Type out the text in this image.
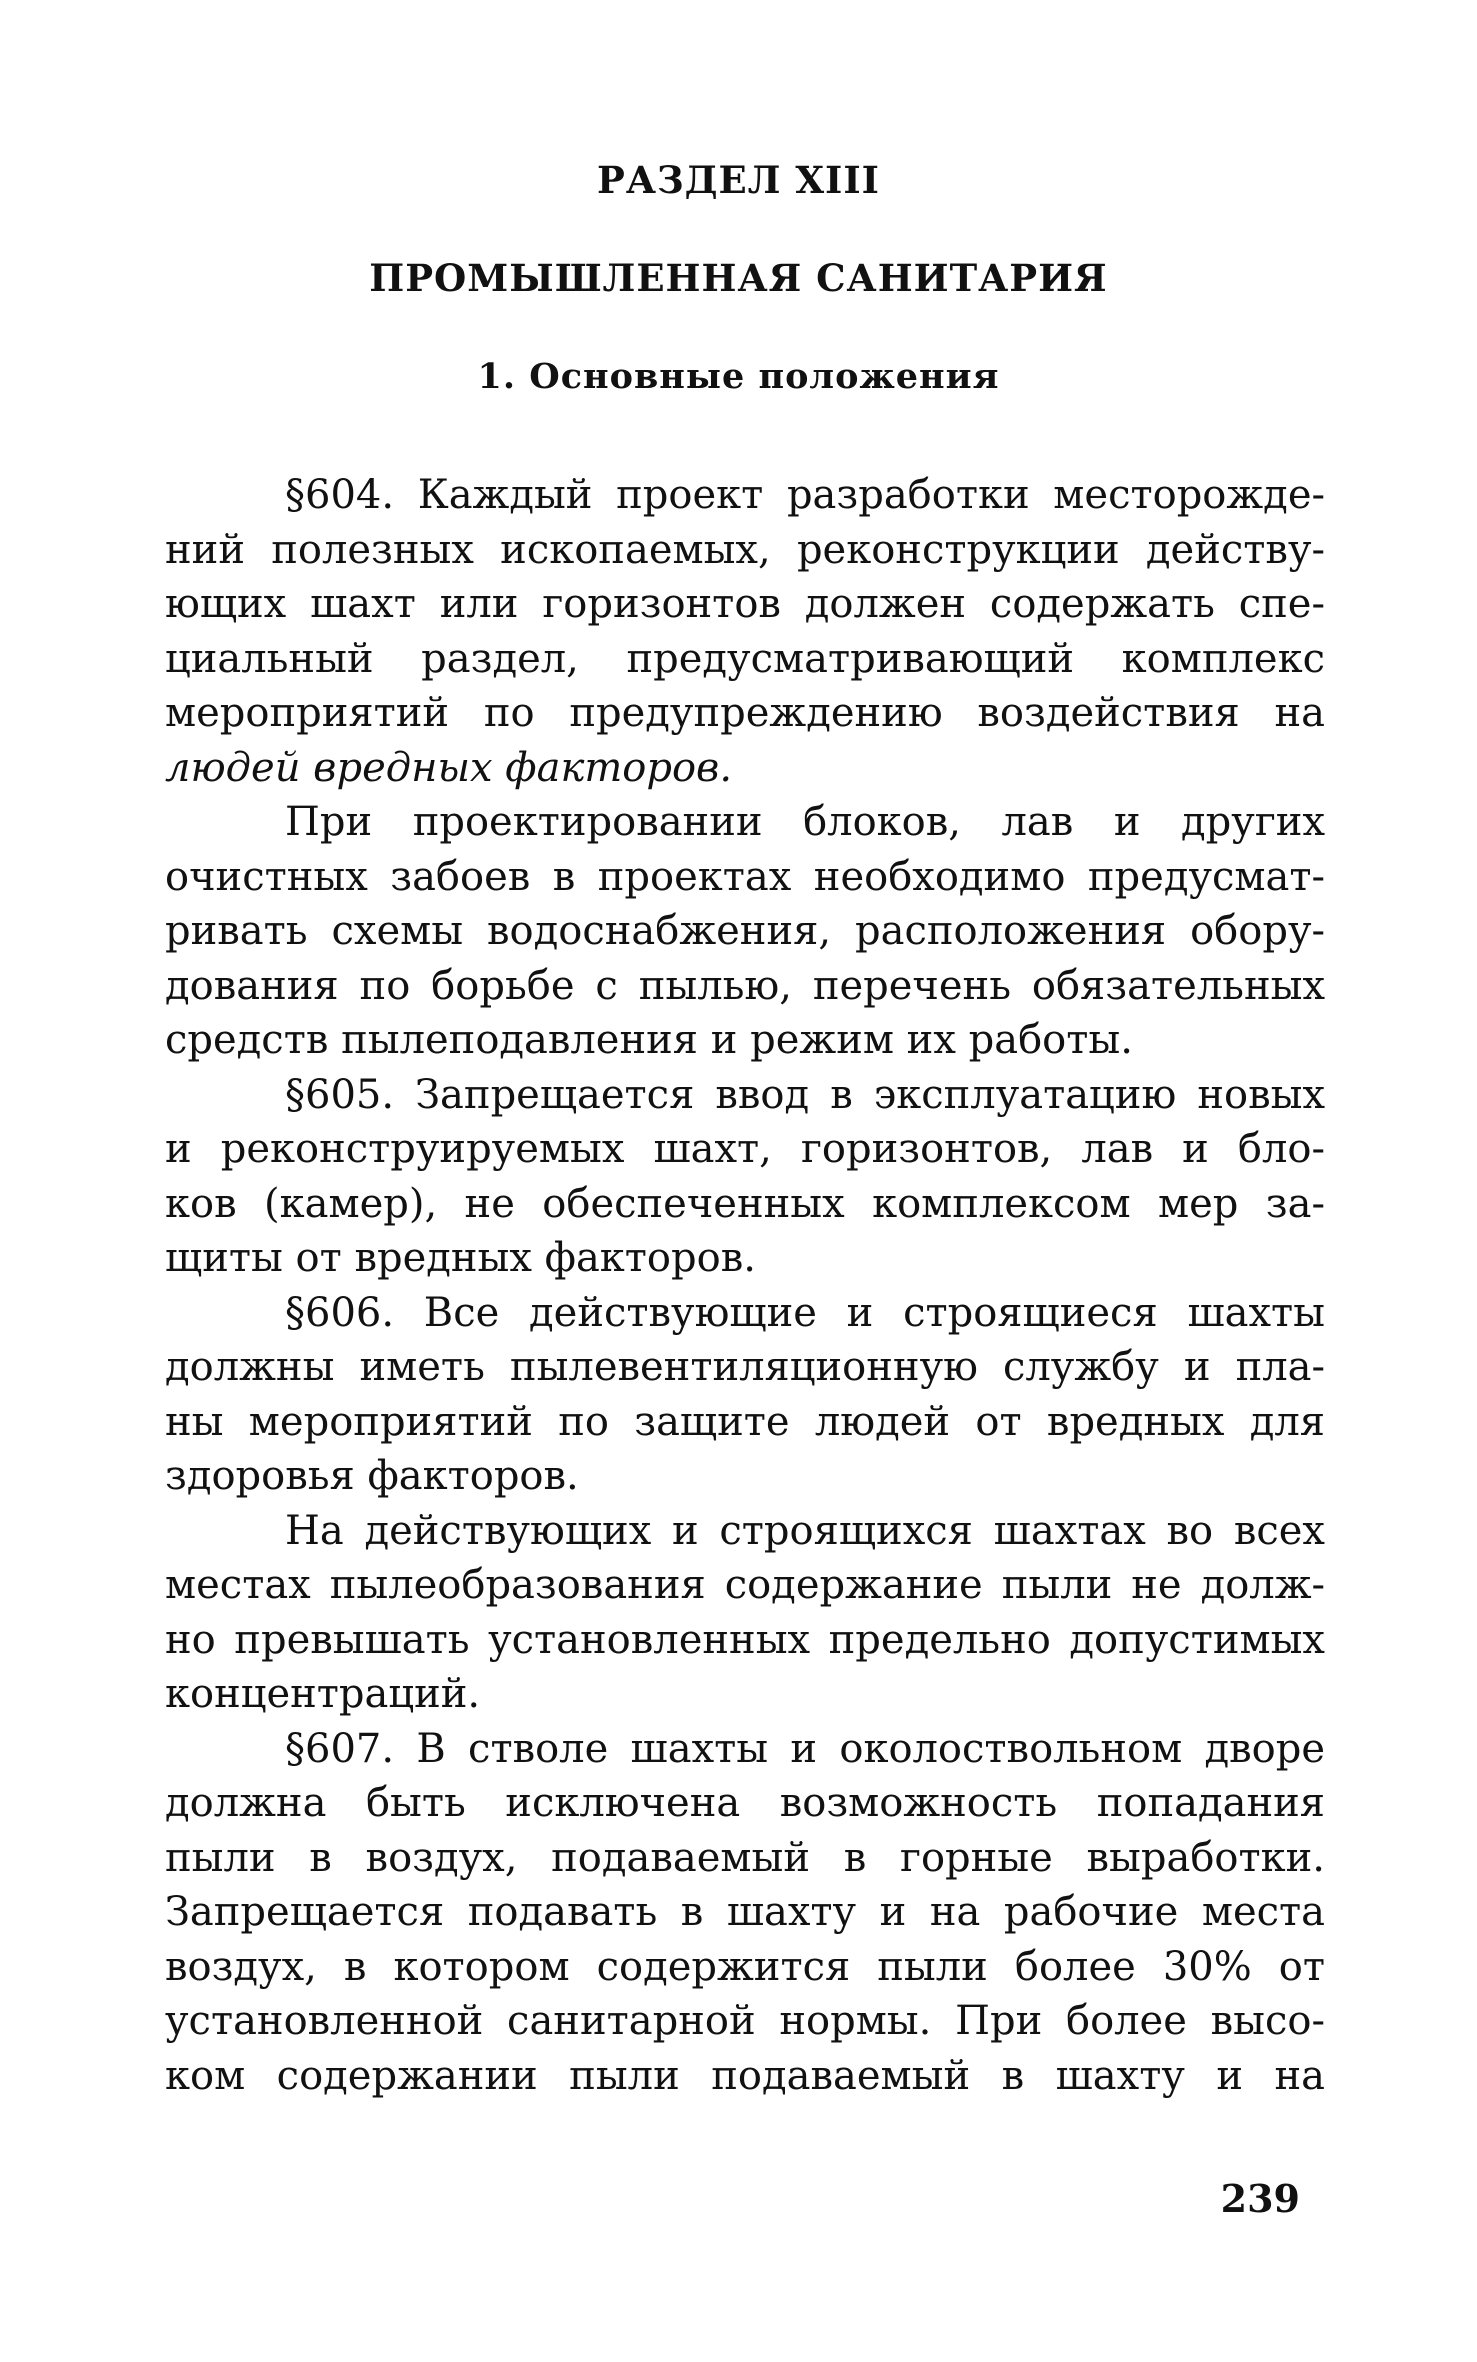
РАЗДЕЛ XIII
ПРОМЫШЛЕННАЯ САНИТАРИЯ
1. Основные положения
§604. Каждый проект разработки месторожде-
ний полезных ископаемых, реконструкции действу-
ющих шахт или горизонтов должен содержать спе-
циальный раздел, предусматривающий комплекс
мероприятий по предупреждению воздействия на
людей вредных факторов.
При проектировании блоков, лав и других
очистных забоев в проектах необходимо предусмат-
ривать схемы водоснабжения, расположения обору-
дования по борьбе с пылью, перечень обязательных
средств пылеподавления и режим их работы.
§605. Запрещается ввод в эксплуатацию новых
и реконструируемых шахт, горизонтов, лав и бло-
ков (камер), не обеспеченных комплексом мер за-
щиты от вредных факторов.
§606. Все действующие и строящиеся шахты
должны иметь пылевентиляционную службу и пла-
ны мероприятий по защите людей от вредных для
здоровья факторов.
На действующих и строящихся шахтах во всех
местах пылеобразования содержание пыли не долж-
но превышать установленных предельно допустимых
концентраций.
§607. В стволе шахты и околоствольном дворе
должна быть исключена возможность попадания
пыли в воздух, подаваемый в горные выработки.
Запрещается подавать в шахту и на рабочие места
воздух, в котором содержится пыли более 30% от
установленной санитарной нормы. При более высо-
ком содержании пыли подаваемый в шахту и на
239
